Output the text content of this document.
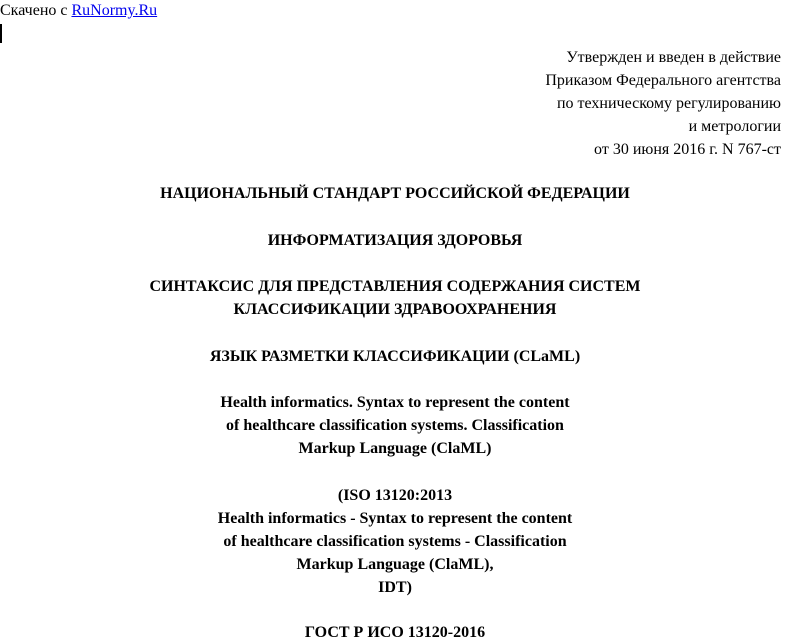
Скачено с RuNormy.Ru
Утвержден и введен в действие
Приказом Федерального агентства
по техническому регулированию
и метрологии
от 30 июня 2016 г. N 767-ст
НАЦИОНАЛЬНЫЙ СТАНДАРТ РОССИЙСКОЙ ФЕДЕРАЦИИ
ИНФОРМАТИЗАЦИЯ ЗДОРОВЬЯ
СИНТАКСИС ДЛЯ ПРЕДСТАВЛЕНИЯ СОДЕРЖАНИЯ СИСТЕМ
КЛАССИФИКАЦИИ ЗДРАВООХРАНЕНИЯ
ЯЗЫК РАЗМЕТКИ КЛАССИФИКАЦИИ (CLaML)
Health informatics. Syntax to represent the content
of healthcare classification systems. Classification
Markup Language (ClaML)
(ISO 13120:2013
Health informatics - Syntax to represent the content
of healthcare classification systems - Classification
Markup Language (ClaML),
IDT)
ГОСТ Р ИСО 13120-2016
